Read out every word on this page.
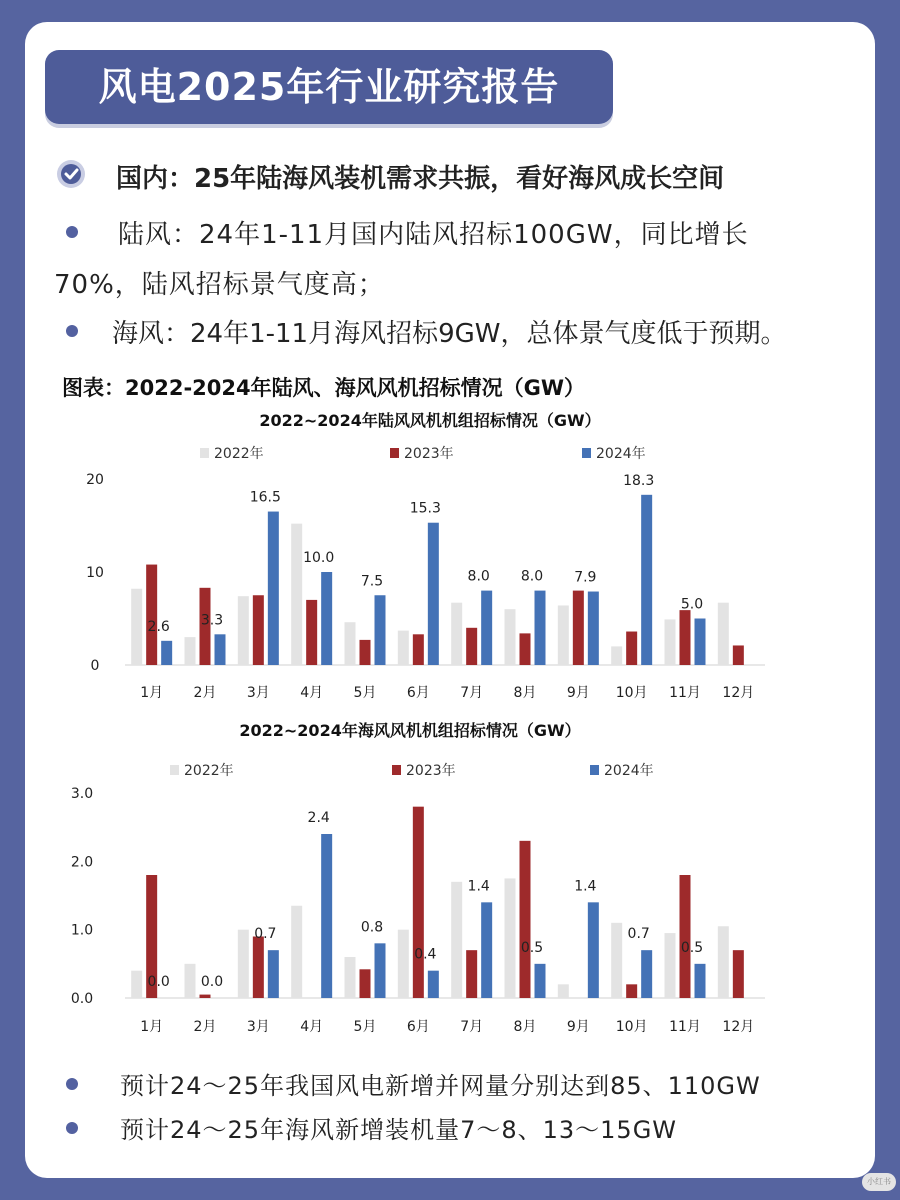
风电2025年行业研究报告
国内：25年陆海风装机需求共振，看好海风成长空间
陆风：24年1-11月国内陆风招标100GW，同比增长
70%，陆风招标景气度高；
海风：24年1-11月海风招标9GW，总体景气度低于预期。
图表：2022-2024年陆风、海风风机招标情况（GW）
2022~2024年陆风风机机组招标情况（GW）
2022年	2023年	2024年
0
10
20
2.6
1月
3.3
2月
16.5
3月
10.0
4月
7.5
5月
15.3
6月
8.0
7月
8.0
8月
7.9
9月
18.3
10月
5.0
11月 12月
2022~2024年海风风机机组招标情况（GW）
2022年	2023年	2024年
0.0
1.0
2.0
3.0
0.0
1月
0.0
2月
0.7
3月
2.4
4月
0.8
5月
0.4
6月
1.4
7月
0.5
8月
1.4
9月
0.7
10月
0.5
11月 12月
预计24～25年我国风电新增并网量分别达到85、110GW
预计24～25年海风新增装机量7～8、13～15GW
小红书
